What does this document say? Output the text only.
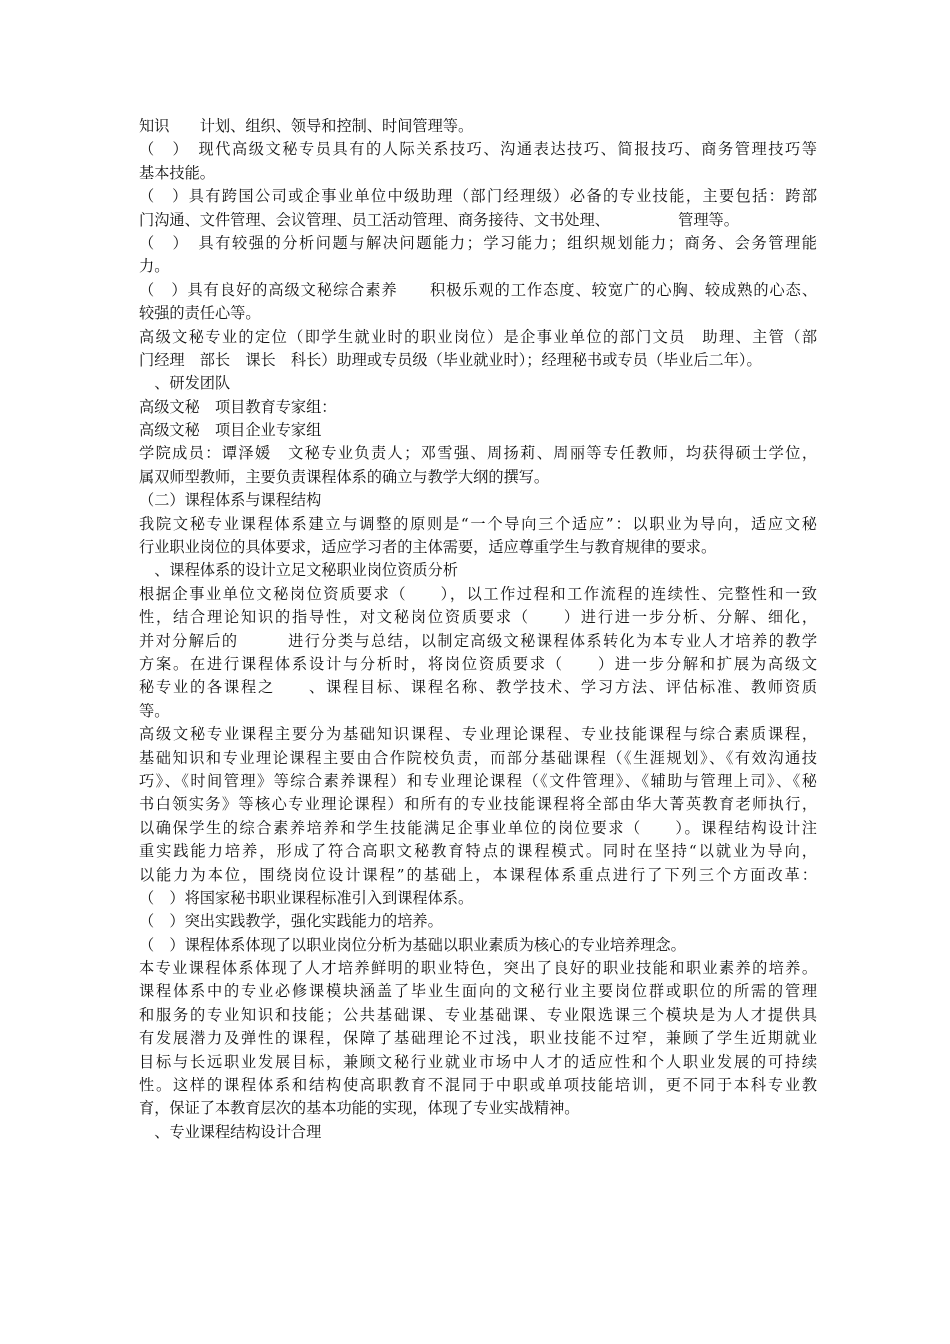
知识　　计划、组织、领导和控制、时间管理等。
（　）　现代高级文秘专员具有的人际关系技巧、沟通表达技巧、简报技巧、商务管理技巧等
基本技能。
（　）具有跨国公司或企事业单位中级助理（部门经理级）必备的专业技能，主要包括：跨部
门沟通、文件管理、会议管理、员工活动管理、商务接待、文书处理、　　　　　管理等。
（　）　具有较强的分析问题与解决问题能力；学习能力；组织规划能力；商务、会务管理能
力。
（　）具有良好的高级文秘综合素养　　积极乐观的工作态度、较宽广的心胸、较成熟的心态、
较强的责任心等。
高级文秘专业的定位（即学生就业时的职业岗位）是企事业单位的部门文员　助理、主管（部
门经理　部长　课长　科长）助理或专员级（毕业就业时）；经理秘书或专员（毕业后二年）。
　、研发团队
高级文秘　项目教育专家组：
高级文秘　项目企业专家组
学院成员：谭泽媛　文秘专业负责人；邓雪强、周扬莉、周丽等专任教师，均获得硕士学位，
属双师型教师，主要负责课程体系的确立与教学大纲的撰写。
（二）课程体系与课程结构
我院文秘专业课程体系建立与调整的原则是“一个导向三个适应”：以职业为导向，适应文秘
行业职业岗位的具体要求，适应学习者的主体需要，适应尊重学生与教育规律的要求。
　、课程体系的设计立足文秘职业岗位资质分析
根据企事业单位文秘岗位资质要求（　　），以工作过程和工作流程的连续性、完整性和一致
性，结合理论知识的指导性，对文秘岗位资质要求（　　）进行进一步分析、分解、细化，
并对分解后的　　　进行分类与总结，以制定高级文秘课程体系转化为本专业人才培养的教学
方案。在进行课程体系设计与分析时，将岗位资质要求（　　）进一步分解和扩展为高级文
秘专业的各课程之　　、课程目标、课程名称、教学技术、学习方法、评估标准、教师资质
等。
高级文秘专业课程主要分为基础知识课程、专业理论课程、专业技能课程与综合素质课程，
基础知识和专业理论课程主要由合作院校负责，而部分基础课程（《生涯规划》、《有效沟通技
巧》、《时间管理》等综合素养课程）和专业理论课程（《文件管理》、《辅助与管理上司》、《秘
书白领实务》等核心专业理论课程）和所有的专业技能课程将全部由华大菁英教育老师执行，
以确保学生的综合素养培养和学生技能满足企事业单位的岗位要求（　　）。课程结构设计注
重实践能力培养，形成了符合高职文秘教育特点的课程模式。同时在坚持“以就业为导向，
以能力为本位，围绕岗位设计课程”的基础上，本课程体系重点进行了下列三个方面改革：
（　）将国家秘书职业课程标准引入到课程体系。
（　）突出实践教学，强化实践能力的培养。
（　）课程体系体现了以职业岗位分析为基础以职业素质为核心的专业培养理念。
本专业课程体系体现了人才培养鲜明的职业特色，突出了良好的职业技能和职业素养的培养。
课程体系中的专业必修课模块涵盖了毕业生面向的文秘行业主要岗位群或职位的所需的管理
和服务的专业知识和技能；公共基础课、专业基础课、专业限选课三个模块是为人才提供具
有发展潜力及弹性的课程，保障了基础理论不过浅，职业技能不过窄，兼顾了学生近期就业
目标与长远职业发展目标，兼顾文秘行业就业市场中人才的适应性和个人职业发展的可持续
性。这样的课程体系和结构使高职教育不混同于中职或单项技能培训，更不同于本科专业教
育，保证了本教育层次的基本功能的实现，体现了专业实战精神。
　、专业课程结构设计合理
